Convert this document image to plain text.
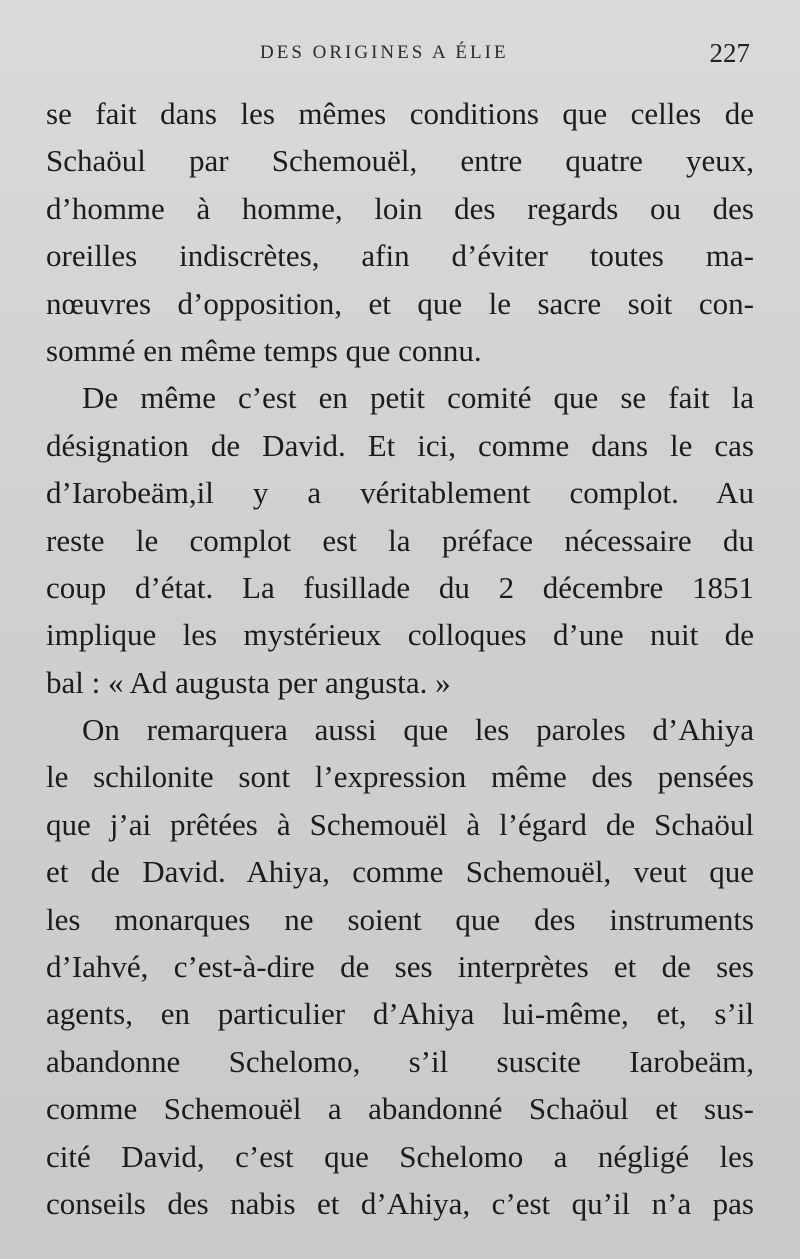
DES ORIGINES A ÉLIE	227
se fait dans les mêmes conditions que celles de
Schaöul par Schemouël, entre quatre yeux,
d’homme à homme, loin des regards ou des
oreilles indiscrètes, afin d’éviter toutes ma-
nœuvres d’opposition, et que le sacre soit con-
sommé en même temps que connu.
De même c’est en petit comité que se fait la
désignation de David. Et ici, comme dans le cas
d’Iarobeäm,il y a véritablement complot. Au
reste le complot est la préface nécessaire du
coup d’état. La fusillade du 2 décembre 1851
implique les mystérieux colloques d’une nuit de
bal : « Ad augusta per angusta. »
On remarquera aussi que les paroles d’Ahiya
le schilonite sont l’expression même des pensées
que j’ai prêtées à Schemouël à l’égard de Schaöul
et de David. Ahiya, comme Schemouël, veut que
les monarques ne soient que des instruments
d’Iahvé, c’est-à-dire de ses interprètes et de ses
agents, en particulier d’Ahiya lui-même, et, s’il
abandonne Schelomo, s’il suscite Iarobeäm,
comme Schemouël a abandonné Schaöul et sus-
cité David, c’est que Schelomo a négligé les
conseils des nabis et d’Ahiya, c’est qu’il n’a pas
